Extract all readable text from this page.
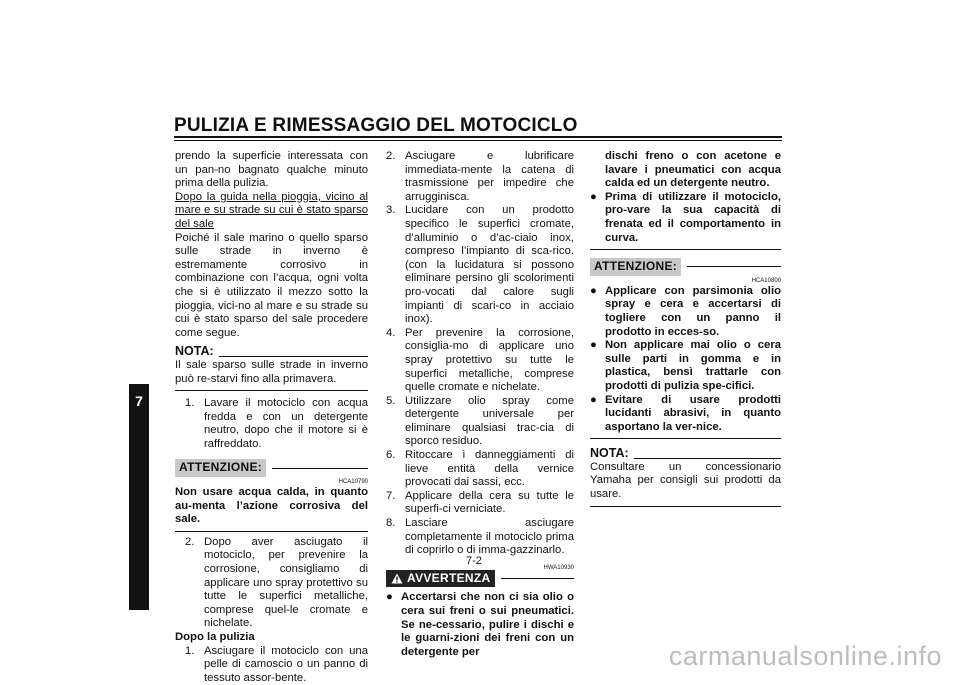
PULIZIA E RIMESSAGGIO DEL MOTOCICLO
7

prendo la superficie interessata con un pan-no bagnato qualche minuto prima della pulizia.

Dopo la guida nella pioggia, vicino al mare e su strade su cui è stato sparso del sale

Poiché il sale marino o quello sparso sulle strade in inverno è estremamente corrosivo in combinazione con l’acqua, ogni volta che si è utilizzato il mezzo sotto la pioggia, vici-no al mare e su strade su cui è stato sparso del sale procedere come segue.

NOTA:

Il sale sparso sulle strade in inverno può re-starvi fino alla primavera.

1. Lavare il motociclo con acqua fredda e con un detergente neutro, dopo che il motore si è raffreddato.
ATTENZIONE:
HCA10790

Non usare acqua calda, in quanto au-menta l’azione corrosiva del sale.

2. Dopo aver asciugato il motociclo, per prevenire la corrosione, consigliamo di applicare uno spray protettivo su tutte le superfici metalliche, comprese quel-le cromate e nichelate.

Dopo la pulizia

1. Asciugare il motociclo con una pelle di camoscio o un panno di tessuto assor-bente.
2. Asciugare e lubrificare immediata-mente la catena di trasmissione per impedire che arrugginisca.
3. Lucidare con un prodotto specifico le superfici cromate, d’alluminio o d’ac-ciaio inox, compreso l’impianto di sca-rico. (con la lucidatura si possono eliminare persino gli scolorimenti pro-vocati dal calore sugli impianti di scari-co in acciaio inox).
4. Per prevenire la corrosione, consiglia-mo di applicare uno spray protettivo su tutte le superfici metalliche, comprese quelle cromate e nichelate.
5. Utilizzare olio spray come detergente universale per eliminare qualsiasi trac-cia di sporco residuo.
6. Ritoccare i danneggiamenti di lieve entità della vernice provocati dai sassi, ecc.
7. Applicare della cera su tutte le superfi-ci verniciate.
8. Lasciare asciugare completamente il motociclo prima di coprirlo o di imma-gazzinarlo.
HWA10930
AVVERTENZA
● Accertarsi che non ci sia olio o cera sui freni o sui pneumatici. Se ne-cessario, pulire i dischi e le guarni-zioni dei freni con un detergente per
dischi freno o con acetone e lavare i pneumatici con acqua calda ed un detergente neutro.
● Prima di utilizzare il motociclo, pro-vare la sua capacità di frenata ed il comportamento in curva.
ATTENZIONE:
HCA10800
● Applicare con parsimonia olio spray e cera e accertarsi di togliere con un panno il prodotto in ecces-so.
● Non applicare mai olio o cera sulle parti in gomma e in plastica, bensì trattarle con prodotti di pulizia spe-cifici.
● Evitare di usare prodotti lucidanti abrasivi, in quanto asportano la ver-nice.
NOTA:

Consultare un concessionario Yamaha per consigli sui prodotti da usare.

7-2
carmanualsonline.info
